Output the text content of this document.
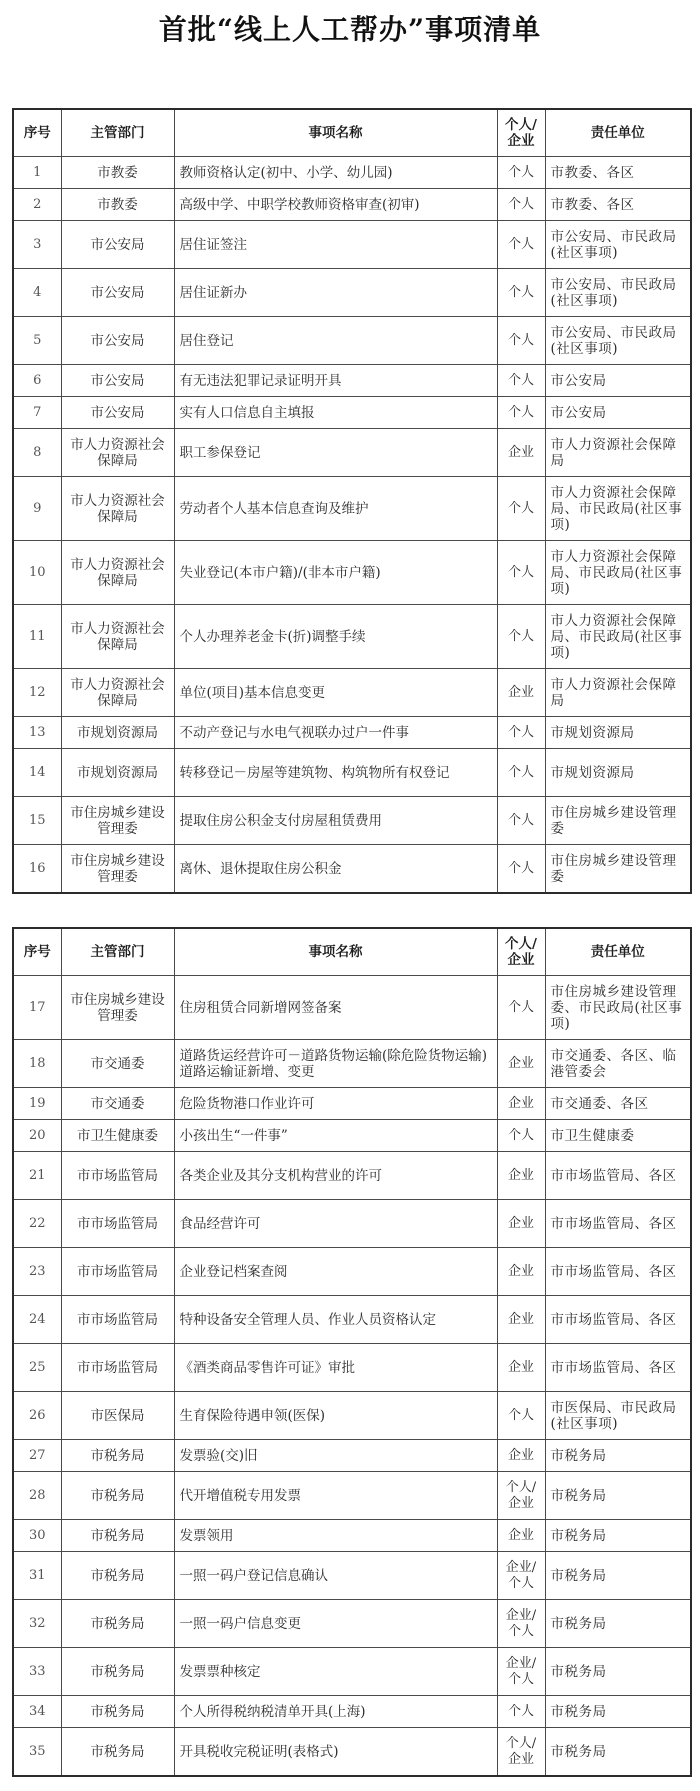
首批“线上人工帮办”事项清单
序号	主管部门	事项名称	个人/企业	责任单位
1	市教委	教师资格认定(初中、小学、幼儿园)	个人	市教委、各区
2	市教委	高级中学、中职学校教师资格审查(初审)	个人	市教委、各区
3	市公安局	居住证签注	个人	市公安局、市民政局(社区事项)
4	市公安局	居住证新办	个人	市公安局、市民政局(社区事项)
5	市公安局	居住登记	个人	市公安局、市民政局(社区事项)
6	市公安局	有无违法犯罪记录证明开具	个人	市公安局
7	市公安局	实有人口信息自主填报	个人	市公安局
8	市人力资源社会保障局	职工参保登记	企业	市人力资源社会保障局
9	市人力资源社会保障局	劳动者个人基本信息查询及维护	个人	市人力资源社会保障局、市民政局(社区事项)
10	市人力资源社会保障局	失业登记(本市户籍)/(非本市户籍)	个人	市人力资源社会保障局、市民政局(社区事项)
11	市人力资源社会保障局	个人办理养老金卡(折)调整手续	个人	市人力资源社会保障局、市民政局(社区事项)
12	市人力资源社会保障局	单位(项目)基本信息变更	企业	市人力资源社会保障局
13	市规划资源局	不动产登记与水电气视联办过户一件事	个人	市规划资源局
14	市规划资源局	转移登记－房屋等建筑物、构筑物所有权登记	个人	市规划资源局
15	市住房城乡建设管理委	提取住房公积金支付房屋租赁费用	个人	市住房城乡建设管理委
16	市住房城乡建设管理委	离休、退休提取住房公积金	个人	市住房城乡建设管理委
序号	主管部门	事项名称	个人/企业	责任单位
17	市住房城乡建设管理委	住房租赁合同新增网签备案	个人	市住房城乡建设管理委、市民政局(社区事项)
18	市交通委	道路货运经营许可－道路货物运输(除危险货物运输)道路运输证新增、变更	企业	市交通委、各区、临港管委会
19	市交通委	危险货物港口作业许可	企业	市交通委、各区
20	市卫生健康委	小孩出生“一件事”	个人	市卫生健康委
21	市市场监管局	各类企业及其分支机构营业的许可	企业	市市场监管局、各区
22	市市场监管局	食品经营许可	企业	市市场监管局、各区
23	市市场监管局	企业登记档案查阅	企业	市市场监管局、各区
24	市市场监管局	特种设备安全管理人员、作业人员资格认定	企业	市市场监管局、各区
25	市市场监管局	《酒类商品零售许可证》审批	企业	市市场监管局、各区
26	市医保局	生育保险待遇申领(医保)	个人	市医保局、市民政局(社区事项)
27	市税务局	发票验(交)旧	企业	市税务局
28	市税务局	代开增值税专用发票	个人/企业	市税务局
30	市税务局	发票领用	企业	市税务局
31	市税务局	一照一码户登记信息确认	企业/个人	市税务局
32	市税务局	一照一码户信息变更	企业/个人	市税务局
33	市税务局	发票票种核定	企业/个人	市税务局
34	市税务局	个人所得税纳税清单开具(上海)	个人	市税务局
35	市税务局	开具税收完税证明(表格式)	个人/企业	市税务局
